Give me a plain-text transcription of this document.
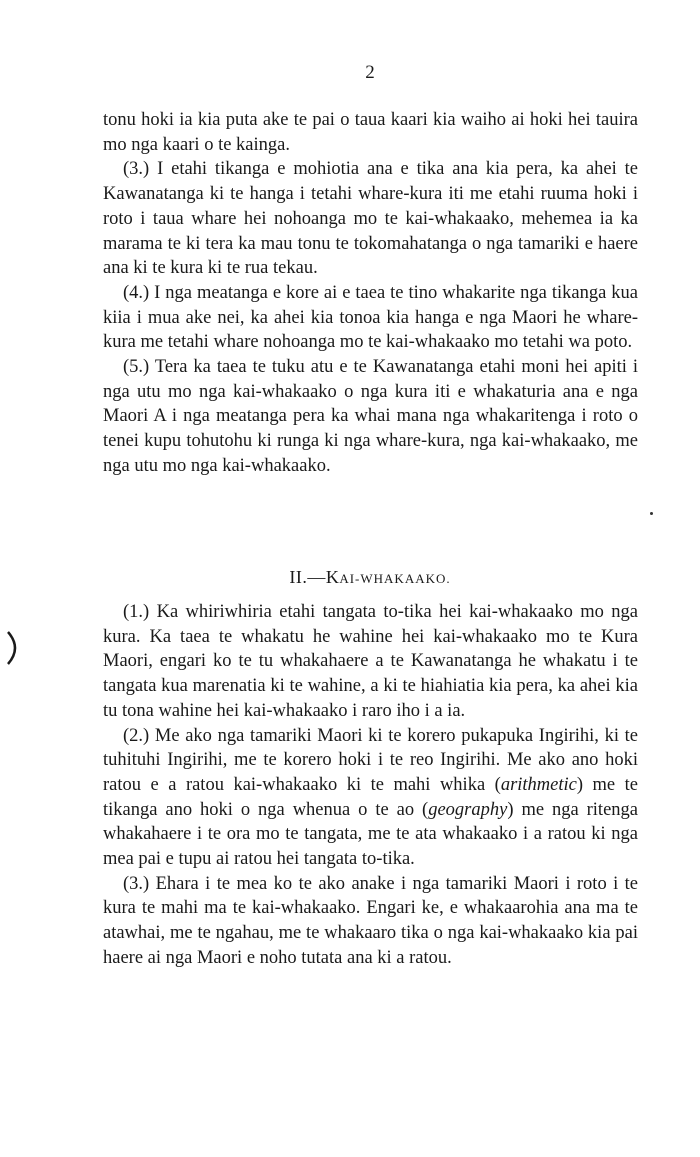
2

tonu hoki ia kia puta ake te pai o taua kaari kia waiho ai hoki hei tauira mo nga kaari o te kainga.

(3.) I etahi tikanga e mohiotia ana e tika ana kia pera, ka ahei te Kawanatanga ki te hanga i tetahi whare-kura iti me etahi ruuma hoki i roto i taua whare hei nohoanga mo te kai-whakaako, mehemea ia ka marama te ki tera ka mau tonu te tokomahatanga o nga tamariki e haere ana ki te kura ki te rua tekau.

(4.) I nga meatanga e kore ai e taea te tino whakarite nga tikanga kua kiia i mua ake nei, ka ahei kia tonoa kia hanga e nga Maori he whare-kura me tetahi whare nohoanga mo te kai-whakaako mo tetahi wa poto.

(5.) Tera ka taea te tuku atu e te Kawanatanga etahi moni hei apiti i nga utu mo nga kai-whakaako o nga kura iti e whakaturia ana e nga Maori A i nga meatanga pera ka whai mana nga whakaritenga i roto o tenei kupu tohutohu ki runga ki nga whare-kura, nga kai-whakaako, me nga utu mo nga kai-whakaako.

II.—KAI-WHAKAAKO.

(1.) Ka whiriwhiria etahi tangata to-tika hei kai-whakaako mo nga kura. Ka taea te whakatu he wahine hei kai-whakaako mo te Kura Maori, engari ko te tu whakahaere a te Kawanatanga he whakatu i te tangata kua marenatia ki te wahine, a ki te hiahiatia kia pera, ka ahei kia tu tona wahine hei kai-whakaako i raro iho i a ia.

(2.) Me ako nga tamariki Maori ki te korero pukapuka Ingirihi, ki te tuhituhi Ingirihi, me te korero hoki i te reo Ingirihi. Me ako ano hoki ratou e a ratou kai-whakaako ki te mahi whika (arithmetic) me te tikanga ano hoki o nga whenua o te ao (geography) me nga ritenga whakahaere i te ora mo te tangata, me te ata whakaako i a ratou ki nga mea pai e tupu ai ratou hei tangata to-tika.

(3.) Ehara i te mea ko te ako anake i nga tamariki Maori i roto i te kura te mahi ma te kai-whakaako. Engari ke, e whakaarohia ana ma te atawhai, me te ngahau, me te whakaaro tika o nga kai-whakaako kia pai haere ai nga Maori e noho tutata ana ki a ratou.
